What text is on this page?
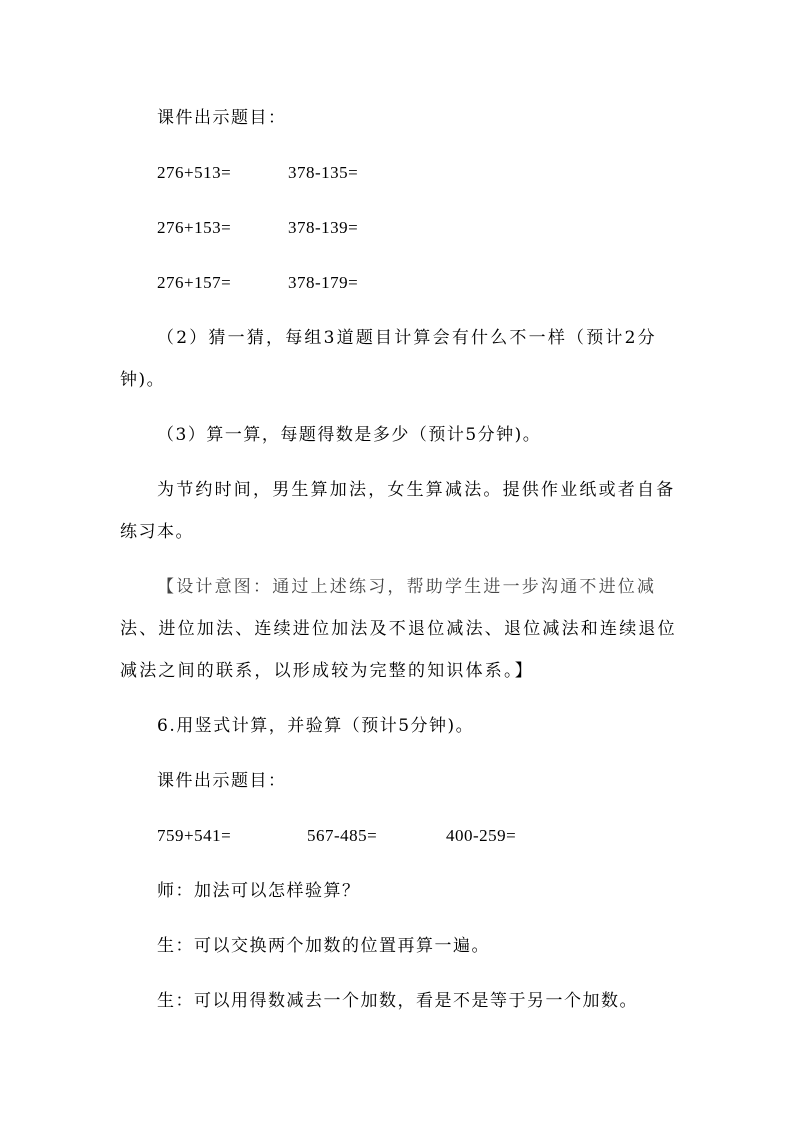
课件出示题目：
276+513=	378-135=
276+153=	378-139=
276+157=	378-179=
（2）猜一猜，每组3道题目计算会有什么不一样（预计2分
钟)。
（3）算一算，每题得数是多少（预计5分钟)。
为节约时间，男生算加法，女生算减法。提供作业纸或者自备
练习本。
【设计意图：通过上述练习，帮助学生进一步沟通不进位减
法、进位加法、连续进位加法及不退位减法、退位减法和连续退位
减法之间的联系，以形成较为完整的知识体系。】
6.用竖式计算，并验算（预计5分钟)。
课件出示题目：
759+541=	567-485=	400-259=
师：加法可以怎样验算？
生：可以交换两个加数的位置再算一遍。
生：可以用得数减去一个加数，看是不是等于另一个加数。
